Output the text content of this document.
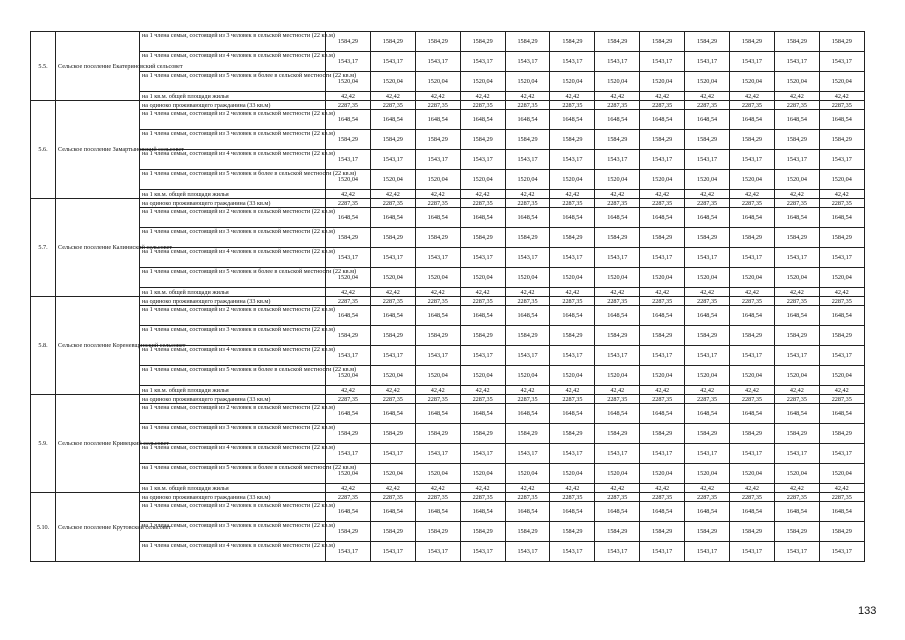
5.5.	Сельское поселение Екатериновский сельсовет	на 1 члена семьи, состоящей из 3 человек в сельской местности (22 кв.м)	1584,29	1584,29	1584,29	1584,29	1584,29	1584,29	1584,29	1584,29	1584,29	1584,29	1584,29	1584,29
		на 1 члена семьи, состоящей из 4 человек в сельской местности (22 кв.м)	1543,17	1543,17	1543,17	1543,17	1543,17	1543,17	1543,17	1543,17	1543,17	1543,17	1543,17	1543,17
		на 1 члена семьи, состоящей из 5 человек и более в сельской местности (22 кв.м)	1520,04	1520,04	1520,04	1520,04	1520,04	1520,04	1520,04	1520,04	1520,04	1520,04	1520,04	1520,04
		на 1 кв.м. общей площади жилья	42,42	42,42	42,42	42,42	42,42	42,42	42,42	42,42	42,42	42,42	42,42	42,42
5.6.	Сельское поселение Замартыновский сельсовет	на одиноко проживающего гражданина (33 кв.м)	2287,35	2287,35	2287,35	2287,35	2287,35	2287,35	2287,35	2287,35	2287,35	2287,35	2287,35	2287,35
		на 1 члена семьи, состоящей из 2 человек в сельской местности (22 кв.м)	1648,54	1648,54	1648,54	1648,54	1648,54	1648,54	1648,54	1648,54	1648,54	1648,54	1648,54	1648,54
		на 1 члена семьи, состоящей из 3 человек в сельской местности (22 кв.м)	1584,29	1584,29	1584,29	1584,29	1584,29	1584,29	1584,29	1584,29	1584,29	1584,29	1584,29	1584,29
		на 1 члена семьи, состоящей из 4 человек в сельской местности (22 кв.м)	1543,17	1543,17	1543,17	1543,17	1543,17	1543,17	1543,17	1543,17	1543,17	1543,17	1543,17	1543,17
		на 1 члена семьи, состоящей из 5 человек и более в сельской местности (22 кв.м)	1520,04	1520,04	1520,04	1520,04	1520,04	1520,04	1520,04	1520,04	1520,04	1520,04	1520,04	1520,04
		на 1 кв.м. общей площади жилья	42,42	42,42	42,42	42,42	42,42	42,42	42,42	42,42	42,42	42,42	42,42	42,42
5.7.	Сельское поселение Калиниский сельсовет	на одиноко проживающего гражданина (33 кв.м)	2287,35	2287,35	2287,35	2287,35	2287,35	2287,35	2287,35	2287,35	2287,35	2287,35	2287,35	2287,35
		на 1 члена семьи, состоящей из 2 человек в сельской местности (22 кв.м)	1648,54	1648,54	1648,54	1648,54	1648,54	1648,54	1648,54	1648,54	1648,54	1648,54	1648,54	1648,54
		на 1 члена семьи, состоящей из 3 человек в сельской местности (22 кв.м)	1584,29	1584,29	1584,29	1584,29	1584,29	1584,29	1584,29	1584,29	1584,29	1584,29	1584,29	1584,29
		на 1 члена семьи, состоящей из 4 человек в сельской местности (22 кв.м)	1543,17	1543,17	1543,17	1543,17	1543,17	1543,17	1543,17	1543,17	1543,17	1543,17	1543,17	1543,17
		на 1 члена семьи, состоящей из 5 человек и более в сельской местности (22 кв.м)	1520,04	1520,04	1520,04	1520,04	1520,04	1520,04	1520,04	1520,04	1520,04	1520,04	1520,04	1520,04
		на 1 кв.м. общей площади жилья	42,42	42,42	42,42	42,42	42,42	42,42	42,42	42,42	42,42	42,42	42,42	42,42
5.8.	Сельское поселение Кореневщинский сельсовет	на одиноко проживающего гражданина (33 кв.м)	2287,35	2287,35	2287,35	2287,35	2287,35	2287,35	2287,35	2287,35	2287,35	2287,35	2287,35	2287,35
		на 1 члена семьи, состоящей из 2 человек в сельской местности (22 кв.м)	1648,54	1648,54	1648,54	1648,54	1648,54	1648,54	1648,54	1648,54	1648,54	1648,54	1648,54	1648,54
		на 1 члена семьи, состоящей из 3 человек в сельской местности (22 кв.м)	1584,29	1584,29	1584,29	1584,29	1584,29	1584,29	1584,29	1584,29	1584,29	1584,29	1584,29	1584,29
		на 1 члена семьи, состоящей из 4 человек в сельской местности (22 кв.м)	1543,17	1543,17	1543,17	1543,17	1543,17	1543,17	1543,17	1543,17	1543,17	1543,17	1543,17	1543,17
		на 1 члена семьи, состоящей из 5 человек и более в сельской местности (22 кв.м)	1520,04	1520,04	1520,04	1520,04	1520,04	1520,04	1520,04	1520,04	1520,04	1520,04	1520,04	1520,04
		на 1 кв.м. общей площади жилья	42,42	42,42	42,42	42,42	42,42	42,42	42,42	42,42	42,42	42,42	42,42	42,42
5.9.	Сельское поселение Кривецкий сельсовет	на одиноко проживающего гражданина (33 кв.м)	2287,35	2287,35	2287,35	2287,35	2287,35	2287,35	2287,35	2287,35	2287,35	2287,35	2287,35	2287,35
		на 1 члена семьи, состоящей из 2 человек в сельской местности (22 кв.м)	1648,54	1648,54	1648,54	1648,54	1648,54	1648,54	1648,54	1648,54	1648,54	1648,54	1648,54	1648,54
		на 1 члена семьи, состоящей из 3 человек в сельской местности (22 кв.м)	1584,29	1584,29	1584,29	1584,29	1584,29	1584,29	1584,29	1584,29	1584,29	1584,29	1584,29	1584,29
		на 1 члена семьи, состоящей из 4 человек в сельской местности (22 кв.м)	1543,17	1543,17	1543,17	1543,17	1543,17	1543,17	1543,17	1543,17	1543,17	1543,17	1543,17	1543,17
		на 1 члена семьи, состоящей из 5 человек и более в сельской местности (22 кв.м)	1520,04	1520,04	1520,04	1520,04	1520,04	1520,04	1520,04	1520,04	1520,04	1520,04	1520,04	1520,04
		на 1 кв.м. общей площади жилья	42,42	42,42	42,42	42,42	42,42	42,42	42,42	42,42	42,42	42,42	42,42	42,42
5.10.	Сельское поселение Крутовский сельсовет	на одиноко проживающего гражданина (33 кв.м)	2287,35	2287,35	2287,35	2287,35	2287,35	2287,35	2287,35	2287,35	2287,35	2287,35	2287,35	2287,35
		на 1 члена семьи, состоящей из 2 человек в сельской местности (22 кв.м)	1648,54	1648,54	1648,54	1648,54	1648,54	1648,54	1648,54	1648,54	1648,54	1648,54	1648,54	1648,54
		на 1 члена семьи, состоящей из 3 человек в сельской местности (22 кв.м)	1584,29	1584,29	1584,29	1584,29	1584,29	1584,29	1584,29	1584,29	1584,29	1584,29	1584,29	1584,29
		на 1 члена семьи, состоящей из 4 человек в сельской местности (22 кв.м)	1543,17	1543,17	1543,17	1543,17	1543,17	1543,17	1543,17	1543,17	1543,17	1543,17	1543,17	1543,17
133
